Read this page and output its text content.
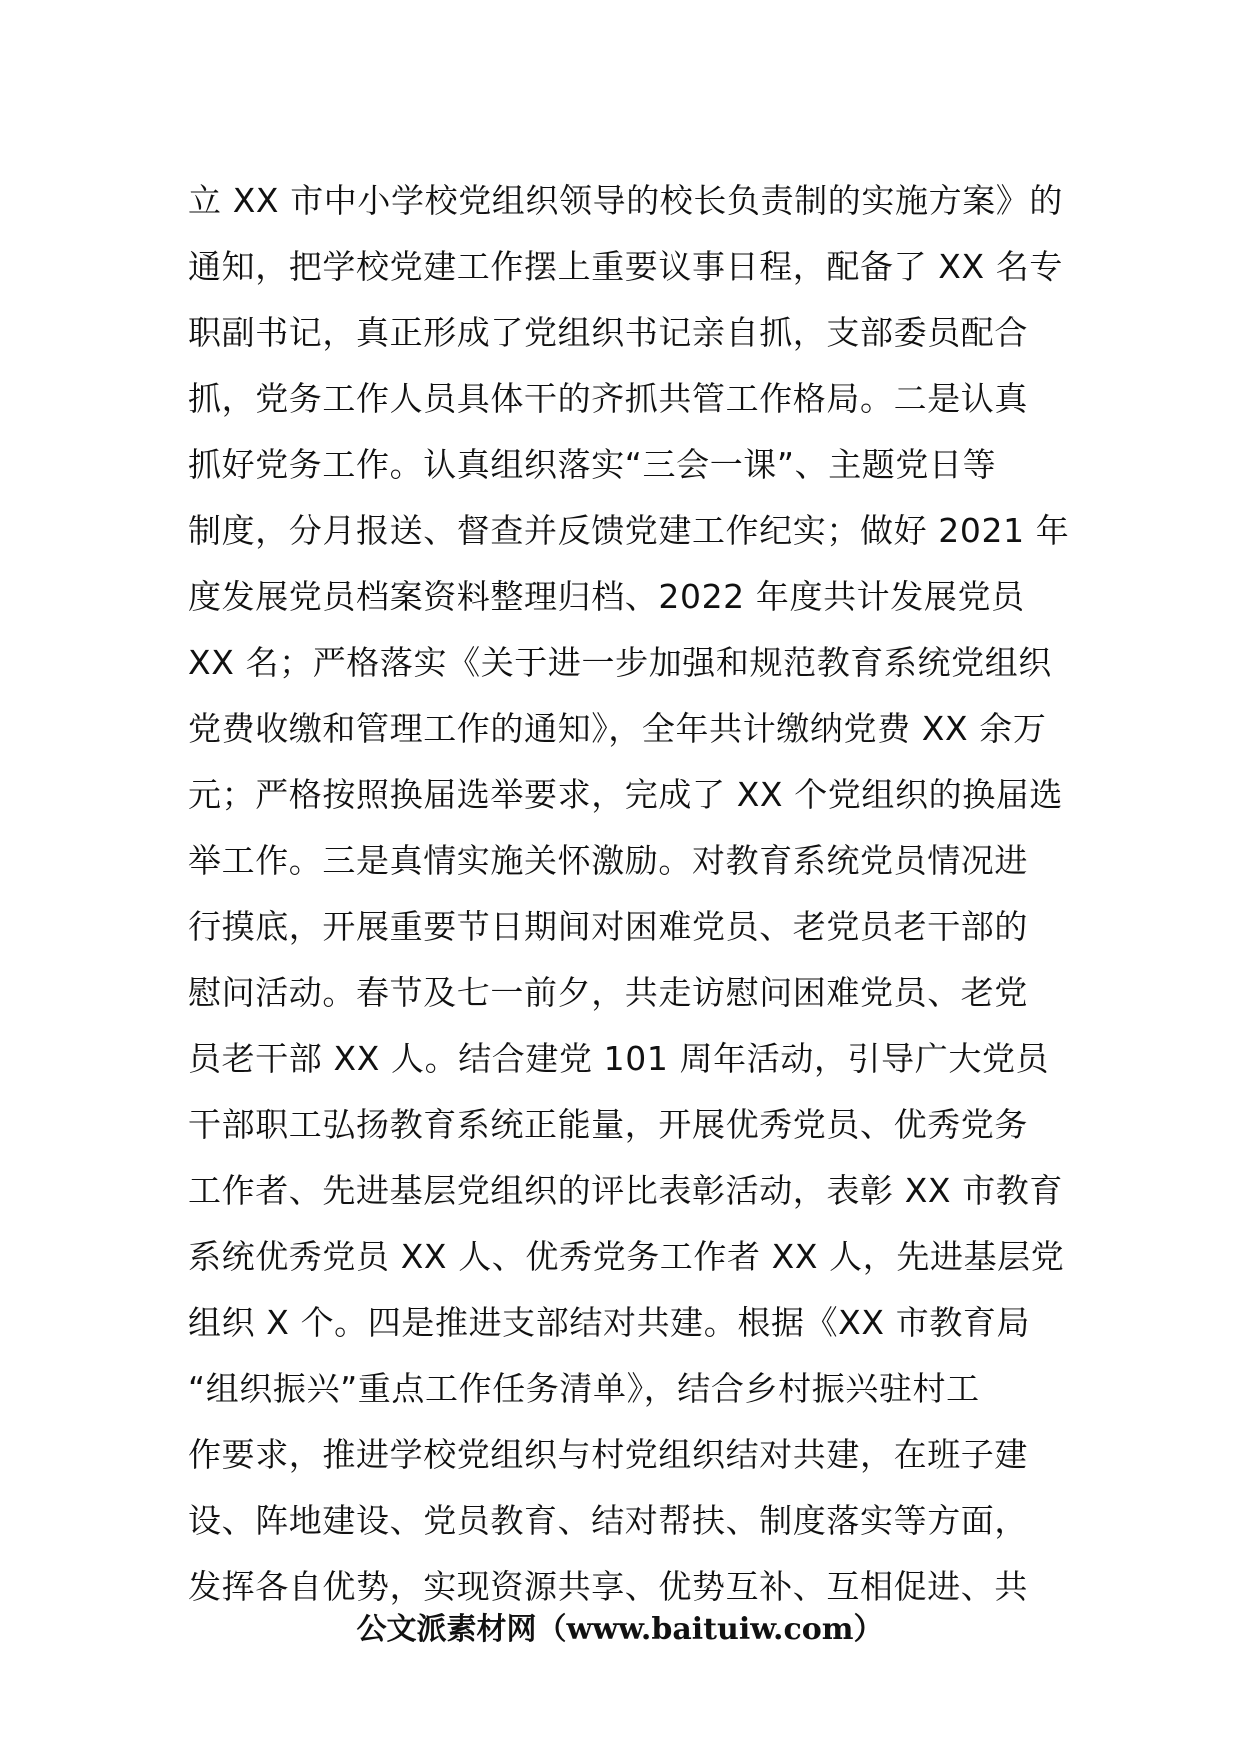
立 XX 市中小学校党组织领导的校长负责制的实施方案》的
通知，把学校党建工作摆上重要议事日程，配备了 XX 名专
职副书记，真正形成了党组织书记亲自抓，支部委员配合
抓，党务工作人员具体干的齐抓共管工作格局。二是认真
抓好党务工作。认真组织落实“三会一课”、主题党日等
制度，分月报送、督查并反馈党建工作纪实；做好 2021 年
度发展党员档案资料整理归档、2022 年度共计发展党员
XX 名；严格落实《关于进一步加强和规范教育系统党组织
党费收缴和管理工作的通知》，全年共计缴纳党费 XX 余万
元；严格按照换届选举要求，完成了 XX 个党组织的换届选
举工作。三是真情实施关怀激励。对教育系统党员情况进
行摸底，开展重要节日期间对困难党员、老党员老干部的
慰问活动。春节及七一前夕，共走访慰问困难党员、老党
员老干部 XX 人。结合建党 101 周年活动，引导广大党员
干部职工弘扬教育系统正能量，开展优秀党员、优秀党务
工作者、先进基层党组织的评比表彰活动，表彰 XX 市教育
系统优秀党员 XX 人、优秀党务工作者 XX 人，先进基层党
组织 X 个。四是推进支部结对共建。根据《XX 市教育局
“组织振兴”重点工作任务清单》，结合乡村振兴驻村工
作要求，推进学校党组织与村党组织结对共建，在班子建
设、阵地建设、党员教育、结对帮扶、制度落实等方面，
发挥各自优势，实现资源共享、优势互补、互相促进、共
公文派素材网（www.baituiw.com）
